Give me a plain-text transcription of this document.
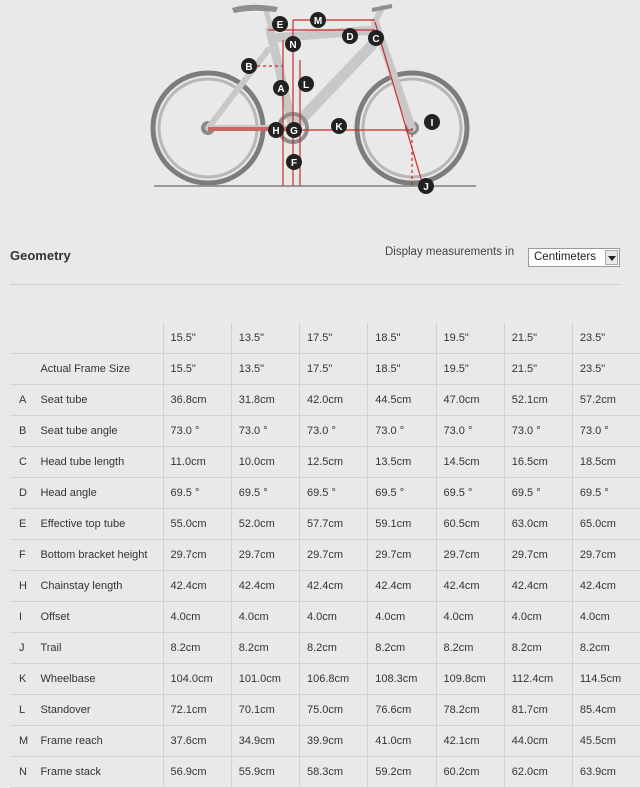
E	M
D C
N
B
A L
H G	K	I
F
J
Geometry	Display measurements in Centimeters
		15.5"	13.5"	17.5"	18.5"	19.5"	21.5"	23.5"
	Actual Frame Size	15.5"	13.5"	17.5"	18.5"	19.5"	21.5"	23.5"
A	Seat tube	36.8cm	31.8cm	42.0cm	44.5cm	47.0cm	52.1cm	57.2cm
B	Seat tube angle	73.0 °	73.0 °	73.0 °	73.0 °	73.0 °	73.0 °	73.0 °
C	Head tube length	11.0cm	10.0cm	12.5cm	13.5cm	14.5cm	16.5cm	18.5cm
D	Head angle	69.5 °	69.5 °	69.5 °	69.5 °	69.5 °	69.5 °	69.5 °
E	Effective top tube	55.0cm	52.0cm	57.7cm	59.1cm	60.5cm	63.0cm	65.0cm
F	Bottom bracket height	29.7cm	29.7cm	29.7cm	29.7cm	29.7cm	29.7cm	29.7cm
H	Chainstay length	42.4cm	42.4cm	42.4cm	42.4cm	42.4cm	42.4cm	42.4cm
I	Offset	4.0cm	4.0cm	4.0cm	4.0cm	4.0cm	4.0cm	4.0cm
J	Trail	8.2cm	8.2cm	8.2cm	8.2cm	8.2cm	8.2cm	8.2cm
K	Wheelbase	104.0cm	101.0cm	106.8cm	108.3cm	109.8cm	112.4cm	114.5cm
L	Standover	72.1cm	70.1cm	75.0cm	76.6cm	78.2cm	81.7cm	85.4cm
M	Frame reach	37.6cm	34.9cm	39.9cm	41.0cm	42.1cm	44.0cm	45.5cm
N	Frame stack	56.9cm	55.9cm	58.3cm	59.2cm	60.2cm	62.0cm	63.9cm
